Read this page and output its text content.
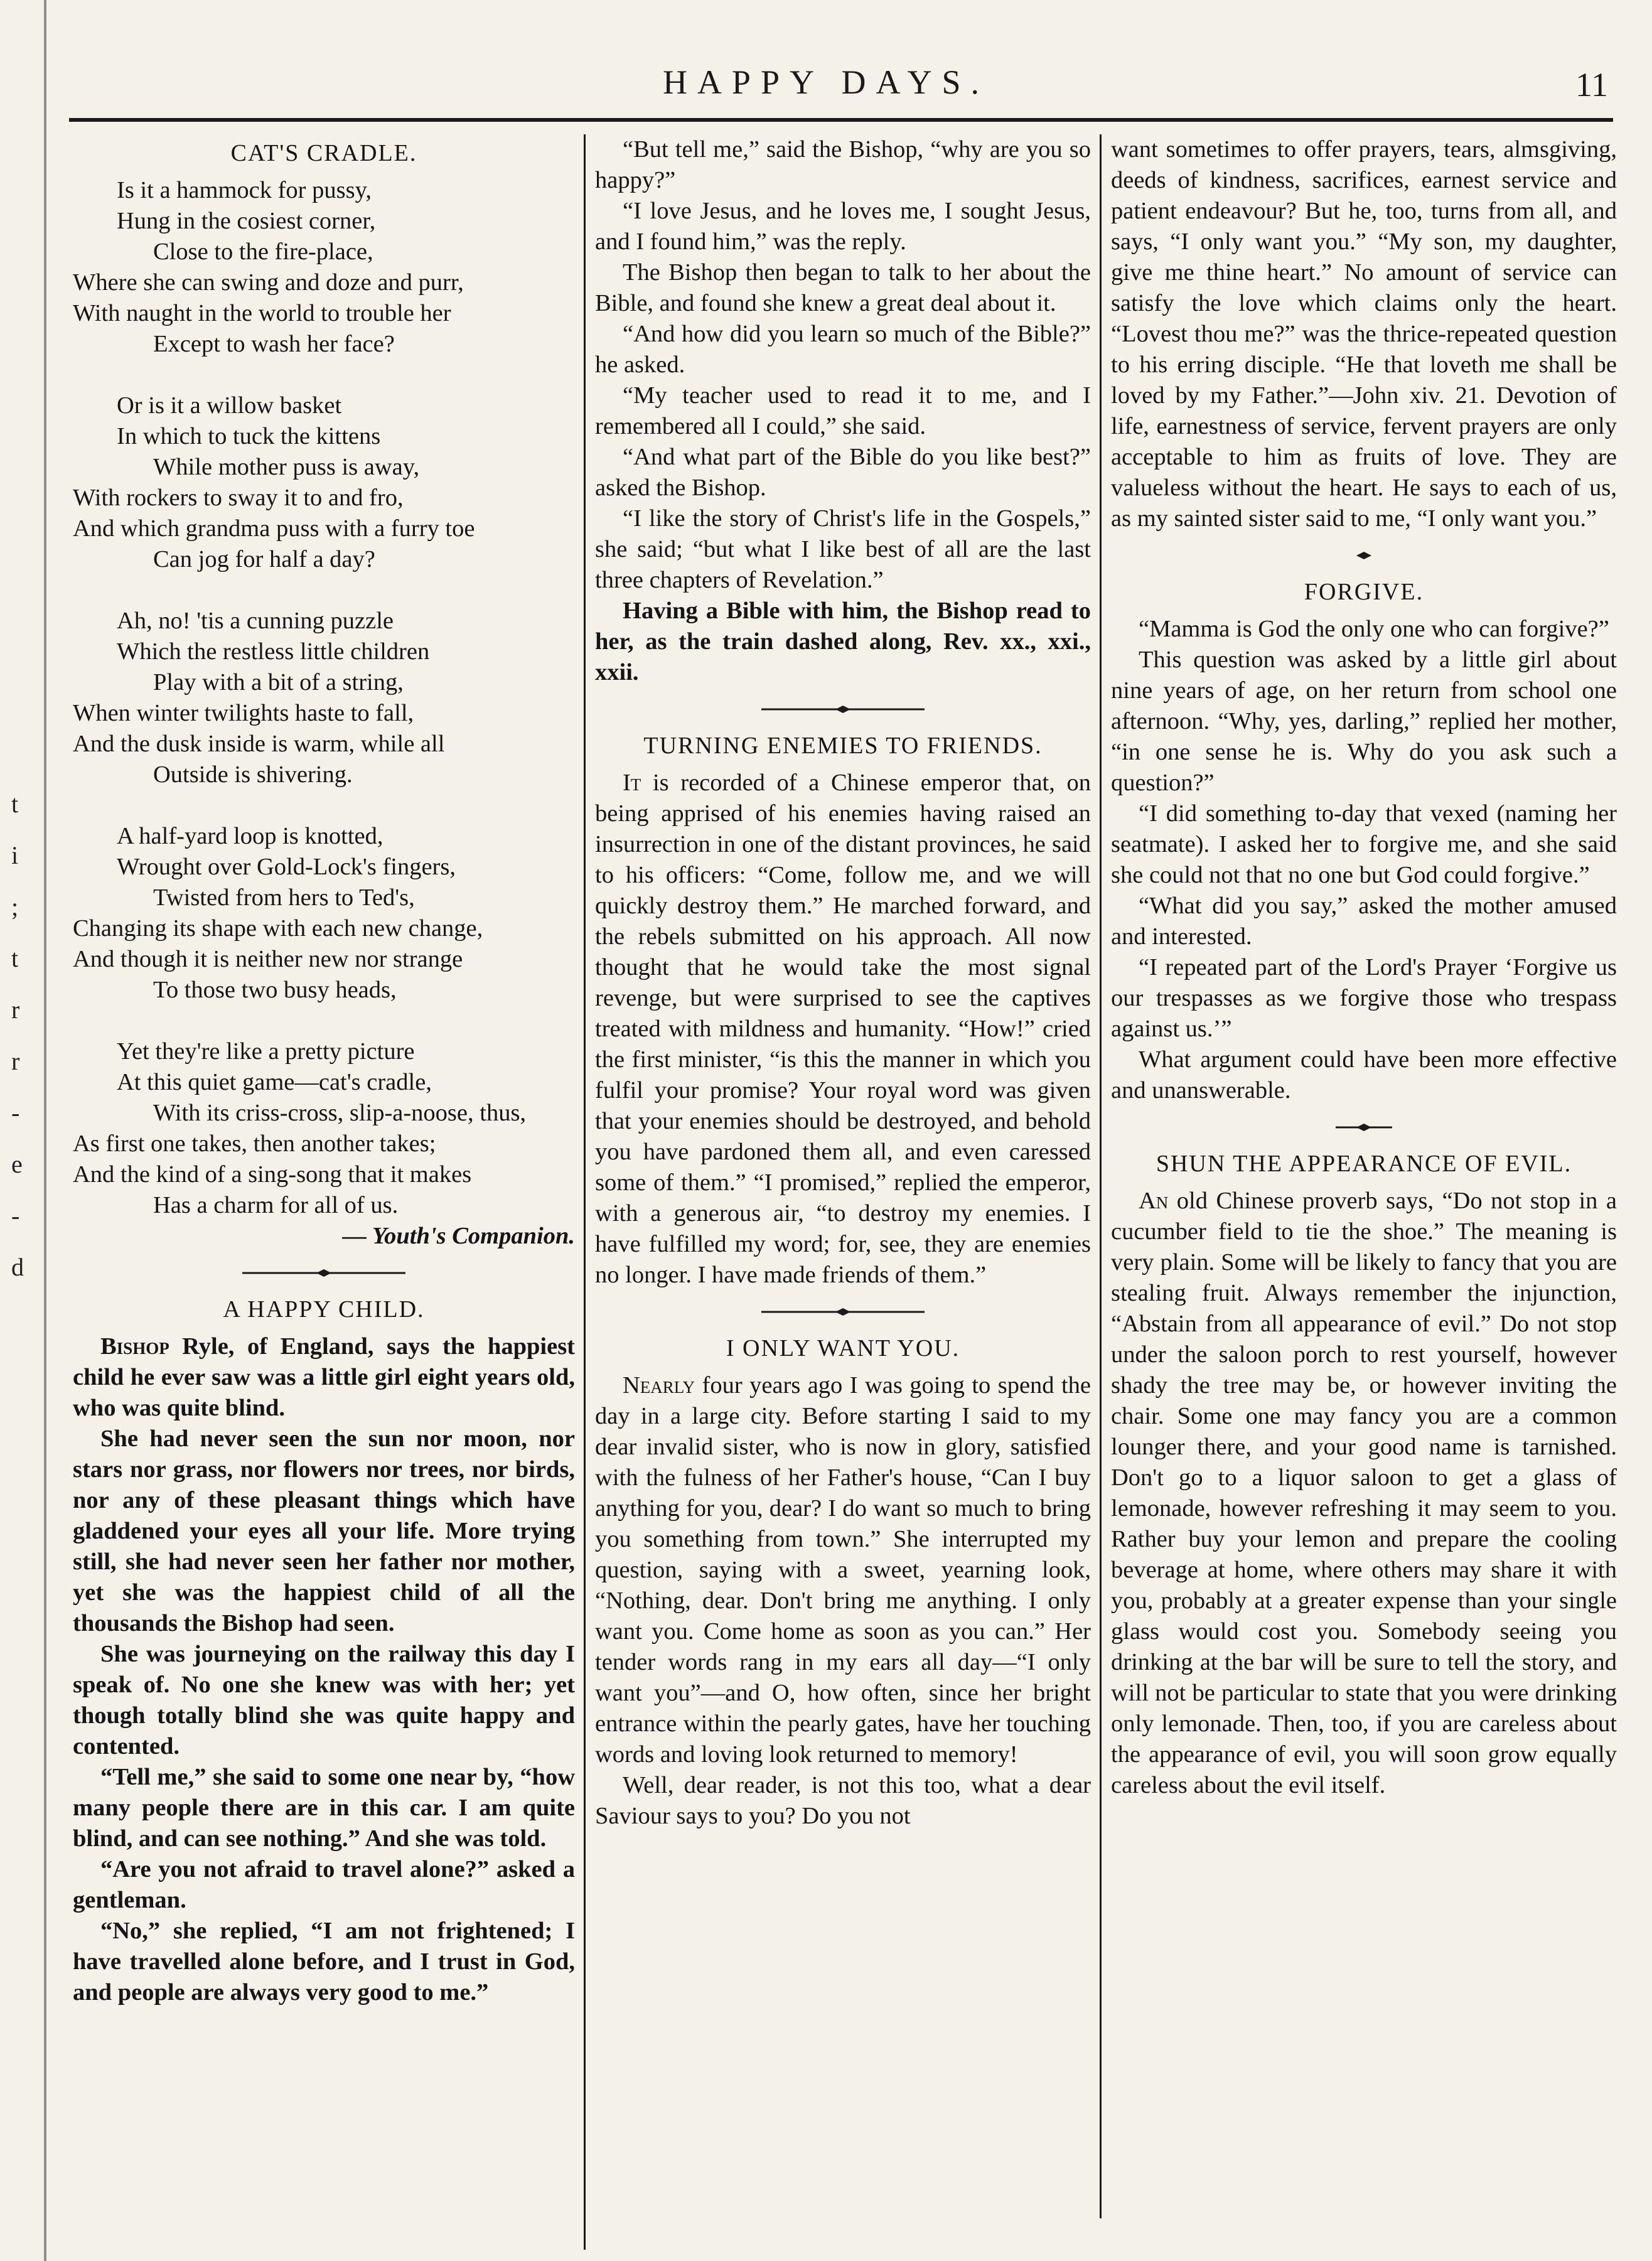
t
i
;
t
r
r
-
e
-
d
HAPPY DAYS.	11
CAT'S CRADLE.
Is it a hammock for pussy,
Hung in the cosiest corner,
Close to the fire-place,
Where she can swing and doze and purr,
With naught in the world to trouble her
Except to wash her face?
Or is it a willow basket
In which to tuck the kittens
While mother puss is away,
With rockers to sway it to and fro,
And which grandma puss with a furry toe
Can jog for half a day?
Ah, no! 'tis a cunning puzzle
Which the restless little children
Play with a bit of a string,
When winter twilights haste to fall,
And the dusk inside is warm, while all
Outside is shivering.
A half-yard loop is knotted,
Wrought over Gold-Lock's fingers,
Twisted from hers to Ted's,
Changing its shape with each new change,
And though it is neither new nor strange
To those two busy heads,
Yet they're like a pretty picture
At this quiet game—cat's cradle,
With its criss-cross, slip-a-noose, thus,
As first one takes, then another takes;
And the kind of a sing-song that it makes
Has a charm for all of us.
— Youth's Companion.
A HAPPY CHILD.

Bishop Ryle, of England, says the happiest child he ever saw was a little girl eight years old, who was quite blind.

She had never seen the sun nor moon, nor stars nor grass, nor flowers nor trees, nor birds, nor any of these pleasant things which have gladdened your eyes all your life. More trying still, she had never seen her father nor mother, yet she was the happiest child of all the thousands the Bishop had seen.

She was journeying on the railway this day I speak of. No one she knew was with her; yet though totally blind she was quite happy and contented.

“Tell me,” she said to some one near by, “how many people there are in this car. I am quite blind, and can see nothing.” And she was told.

“Are you not afraid to travel alone?” asked a gentleman.

“No,” she replied, “I am not frightened; I have travelled alone before, and I trust in God, and people are always very good to me.”

“But tell me,” said the Bishop, “why are you so happy?”

“I love Jesus, and he loves me, I sought Jesus, and I found him,” was the reply.

The Bishop then began to talk to her about the Bible, and found she knew a great deal about it.

“And how did you learn so much of the Bible?” he asked.

“My teacher used to read it to me, and I remembered all I could,” she said.

“And what part of the Bible do you like best?” asked the Bishop.

“I like the story of Christ's life in the Gospels,” she said; “but what I like best of all are the last three chapters of Revelation.”

Having a Bible with him, the Bishop read to her, as the train dashed along, Rev. xx., xxi., xxii.

TURNING ENEMIES TO FRIENDS.

It is recorded of a Chinese emperor that, on being apprised of his enemies having raised an insurrection in one of the distant provinces, he said to his officers: “Come, follow me, and we will quickly destroy them.” He marched forward, and the rebels submitted on his approach. All now thought that he would take the most signal revenge, but were surprised to see the captives treated with mildness and humanity. “How!” cried the first minister, “is this the manner in which you fulfil your promise? Your royal word was given that your enemies should be destroyed, and behold you have pardoned them all, and even caressed some of them.” “I promised,” replied the emperor, with a generous air, “to destroy my enemies. I have fulfilled my word; for, see, they are enemies no longer. I have made friends of them.”

I ONLY WANT YOU.

Nearly four years ago I was going to spend the day in a large city. Before starting I said to my dear invalid sister, who is now in glory, satisfied with the fulness of her Father's house, “Can I buy anything for you, dear? I do want so much to bring you something from town.” She interrupted my question, saying with a sweet, yearning look, “Nothing, dear. Don't bring me anything. I only want you. Come home as soon as you can.” Her tender words rang in my ears all day—“I only want you”—and O, how often, since her bright entrance within the pearly gates, have her touching words and loving look returned to memory!

Well, dear reader, is not this too, what a dear Saviour says to you? Do you not

want sometimes to offer prayers, tears, almsgiving, deeds of kindness, sacrifices, earnest service and patient endeavour? But he, too, turns from all, and says, “I only want you.” “My son, my daughter, give me thine heart.” No amount of service can satisfy the love which claims only the heart. “Lovest thou me?” was the thrice-repeated question to his erring disciple. “He that loveth me shall be loved by my Father.”—John xiv. 21. Devotion of life, earnestness of service, fervent prayers are only acceptable to him as fruits of love. They are valueless without the heart. He says to each of us, as my sainted sister said to me, “I only want you.”

FORGIVE.

“Mamma is God the only one who can forgive?”

This question was asked by a little girl about nine years of age, on her return from school one afternoon. “Why, yes, darling,” replied her mother, “in one sense he is. Why do you ask such a question?”

“I did something to-day that vexed (naming her seatmate). I asked her to forgive me, and she said she could not that no one but God could forgive.”

“What did you say,” asked the mother amused and interested.

“I repeated part of the Lord's Prayer ‘Forgive us our trespasses as we forgive those who trespass against us.’”

What argument could have been more effective and unanswerable.

SHUN THE APPEARANCE OF EVIL.

An old Chinese proverb says, “Do not stop in a cucumber field to tie the shoe.” The meaning is very plain. Some will be likely to fancy that you are stealing fruit. Always remember the injunction, “Abstain from all appearance of evil.” Do not stop under the saloon porch to rest yourself, however shady the tree may be, or however inviting the chair. Some one may fancy you are a common lounger there, and your good name is tarnished. Don't go to a liquor saloon to get a glass of lemonade, however refreshing it may seem to you. Rather buy your lemon and prepare the cooling beverage at home, where others may share it with you, probably at a greater expense than your single glass would cost you. Somebody seeing you drinking at the bar will be sure to tell the story, and will not be particular to state that you were drinking only lemonade. Then, too, if you are careless about the appearance of evil, you will soon grow equally careless about the evil itself.
